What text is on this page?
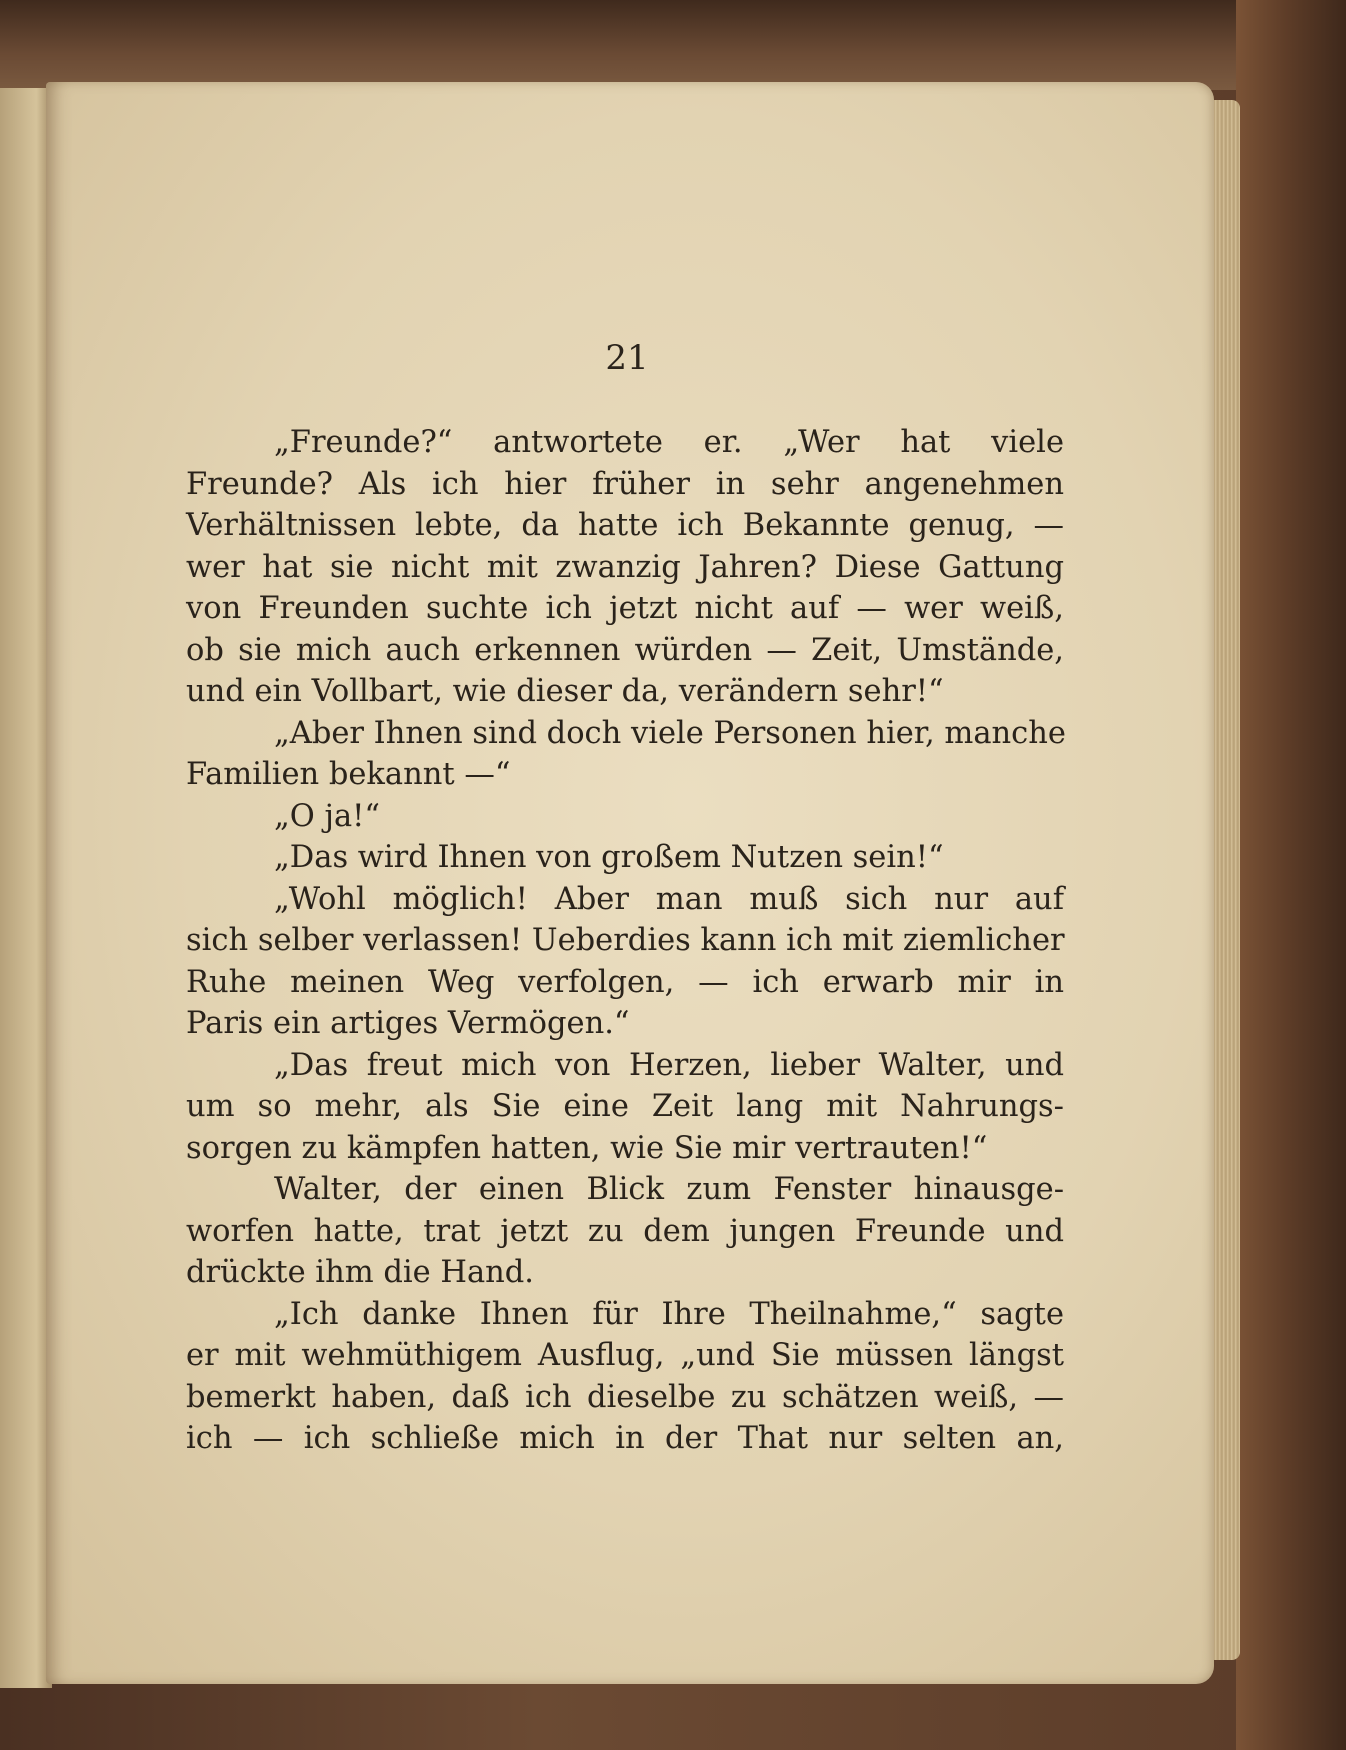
21
„Freunde?“ antwortete er. „Wer hat viele
Freunde? Als ich hier früher in sehr angenehmen
Verhältnissen lebte, da hatte ich Bekannte genug, —
wer hat sie nicht mit zwanzig Jahren? Diese Gattung
von Freunden suchte ich jetzt nicht auf — wer weiß,
ob sie mich auch erkennen würden — Zeit, Umstände,
und ein Vollbart, wie dieser da, verändern sehr!“
„Aber Ihnen sind doch viele Personen hier, manche
Familien bekannt —“
„O ja!“
„Das wird Ihnen von großem Nutzen sein!“
„Wohl möglich! Aber man muß sich nur auf
sich selber verlassen! Ueberdies kann ich mit ziemlicher
Ruhe meinen Weg verfolgen, — ich erwarb mir in
Paris ein artiges Vermögen.“
„Das freut mich von Herzen, lieber Walter, und
um so mehr, als Sie eine Zeit lang mit Nahrungs-
sorgen zu kämpfen hatten, wie Sie mir vertrauten!“
Walter, der einen Blick zum Fenster hinausge-
worfen hatte, trat jetzt zu dem jungen Freunde und
drückte ihm die Hand.
„Ich danke Ihnen für Ihre Theilnahme,“ sagte
er mit wehmüthigem Ausflug, „und Sie müssen längst
bemerkt haben, daß ich dieselbe zu schätzen weiß, —
ich — ich schließe mich in der That nur selten an,
